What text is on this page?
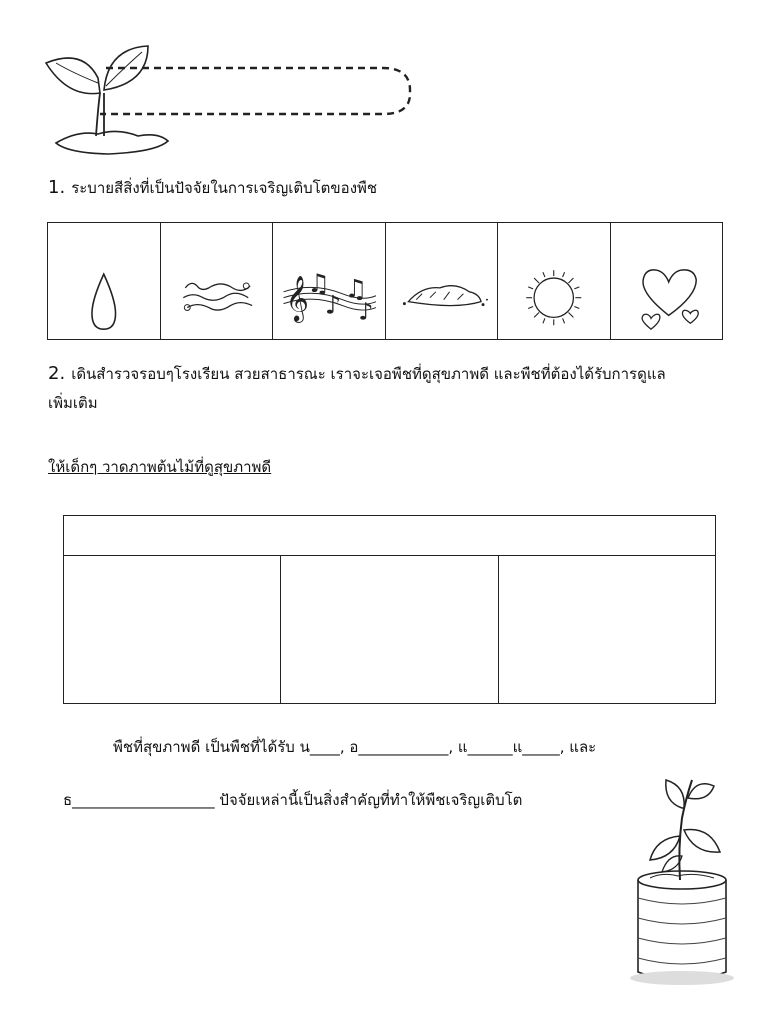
1. ระบายสีสิ่งที่เป็นปัจจัยในการเจริญเติบโตของพืช
𝄞
♫
♪
♫
♪
2. เดินสำรวจรอบๆโรงเรียน สวยสาธารณะ เราจะเจอพืชที่ดูสุขภาพดี และพืชที่ต้องได้รับการดูแล
เพิ่มเติม
ให้เด็กๆ วาดภาพต้นไม้ที่ดูสุขภาพดี
พืชที่สุขภาพดี เป็นพืชที่ได้รับ น____, อ____________, แ______แ_____, และ
ธ___________________ ปัจจัยเหล่านี้เป็นสิ่งสำคัญที่ทำให้พืชเจริญเติบโต
